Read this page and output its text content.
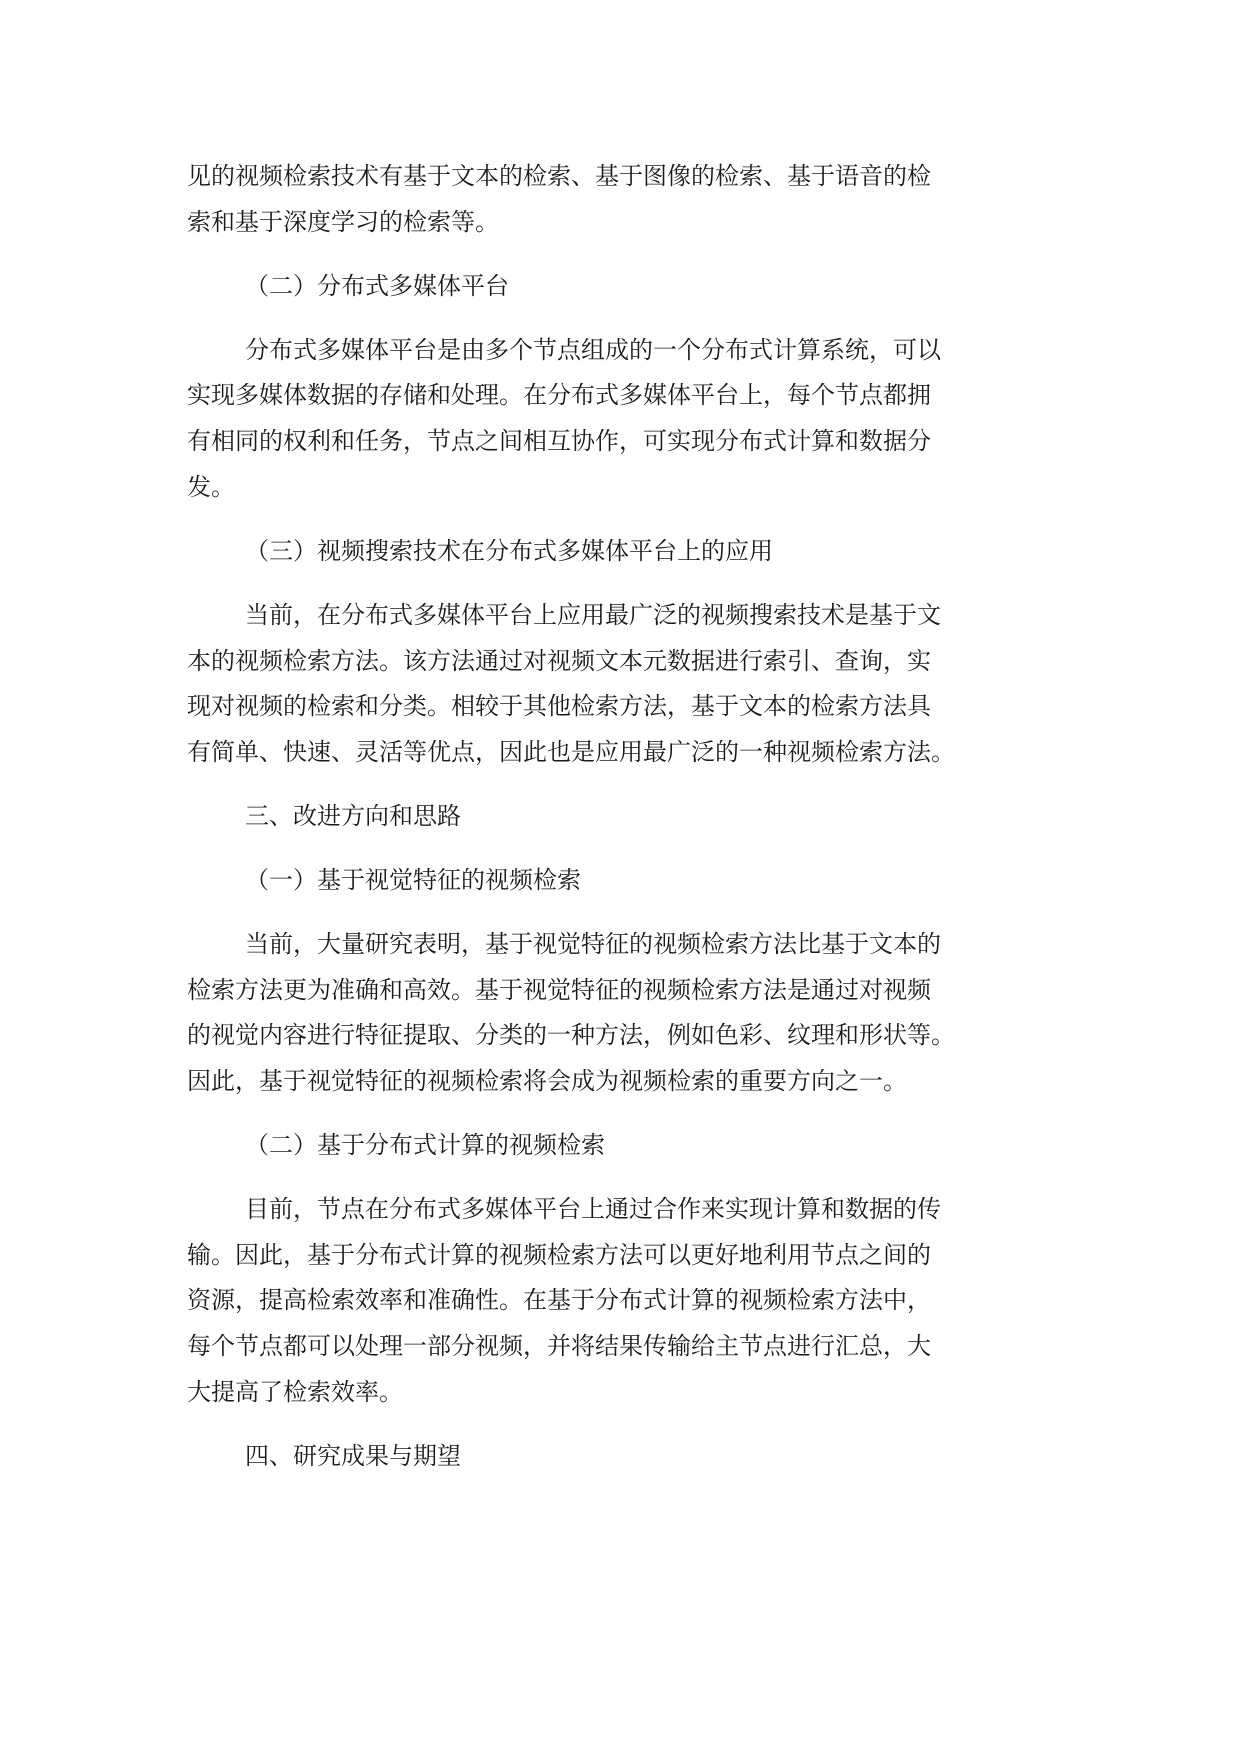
见的视频检索技术有基于文本的检索、基于图像的检索、基于语音的检
索和基于深度学习的检索等。
（二）分布式多媒体平台
分布式多媒体平台是由多个节点组成的一个分布式计算系统，可以
实现多媒体数据的存储和处理。在分布式多媒体平台上，每个节点都拥
有相同的权利和任务，节点之间相互协作，可实现分布式计算和数据分
发。
（三）视频搜索技术在分布式多媒体平台上的应用
当前，在分布式多媒体平台上应用最广泛的视频搜索技术是基于文
本的视频检索方法。该方法通过对视频文本元数据进行索引、查询，实
现对视频的检索和分类。相较于其他检索方法，基于文本的检索方法具
有简单、快速、灵活等优点，因此也是应用最广泛的一种视频检索方法。
三、改进方向和思路
（一）基于视觉特征的视频检索
当前，大量研究表明，基于视觉特征的视频检索方法比基于文本的
检索方法更为准确和高效。基于视觉特征的视频检索方法是通过对视频
的视觉内容进行特征提取、分类的一种方法，例如色彩、纹理和形状等。
因此，基于视觉特征的视频检索将会成为视频检索的重要方向之一。
（二）基于分布式计算的视频检索
目前，节点在分布式多媒体平台上通过合作来实现计算和数据的传
输。因此，基于分布式计算的视频检索方法可以更好地利用节点之间的
资源，提高检索效率和准确性。在基于分布式计算的视频检索方法中，
每个节点都可以处理一部分视频，并将结果传输给主节点进行汇总，大
大提高了检索效率。
四、研究成果与期望
